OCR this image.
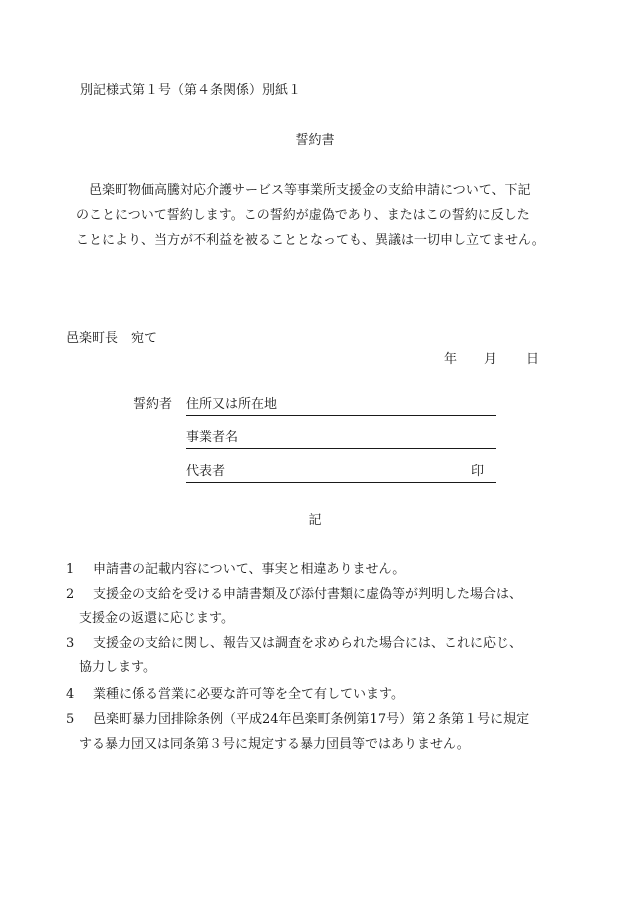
別記様式第１号（第４条関係）別紙１
誓約書
邑楽町物価高騰対応介護サービス等事業所支援金の支給申請について、下記
のことについて誓約します。この誓約が虚偽であり、またはこの誓約に反した
ことにより、当方が不利益を被ることとなっても、異議は一切申し立てません。
邑楽町長　宛て
年 月 日
誓約者 住所又は所在地
事業者名
代表者	印
記
1 申請書の記載内容について、事実と相違ありません。
2 支援金の支給を受ける申請書類及び添付書類に虚偽等が判明した場合は、
支援金の返還に応じます。
3 支援金の支給に関し、報告又は調査を求められた場合には、これに応じ、
協力します。
4 業種に係る営業に必要な許可等を全て有しています。
5 邑楽町暴力団排除条例（平成24年邑楽町条例第17号）第２条第１号に規定
する暴力団又は同条第３号に規定する暴力団員等ではありません。
